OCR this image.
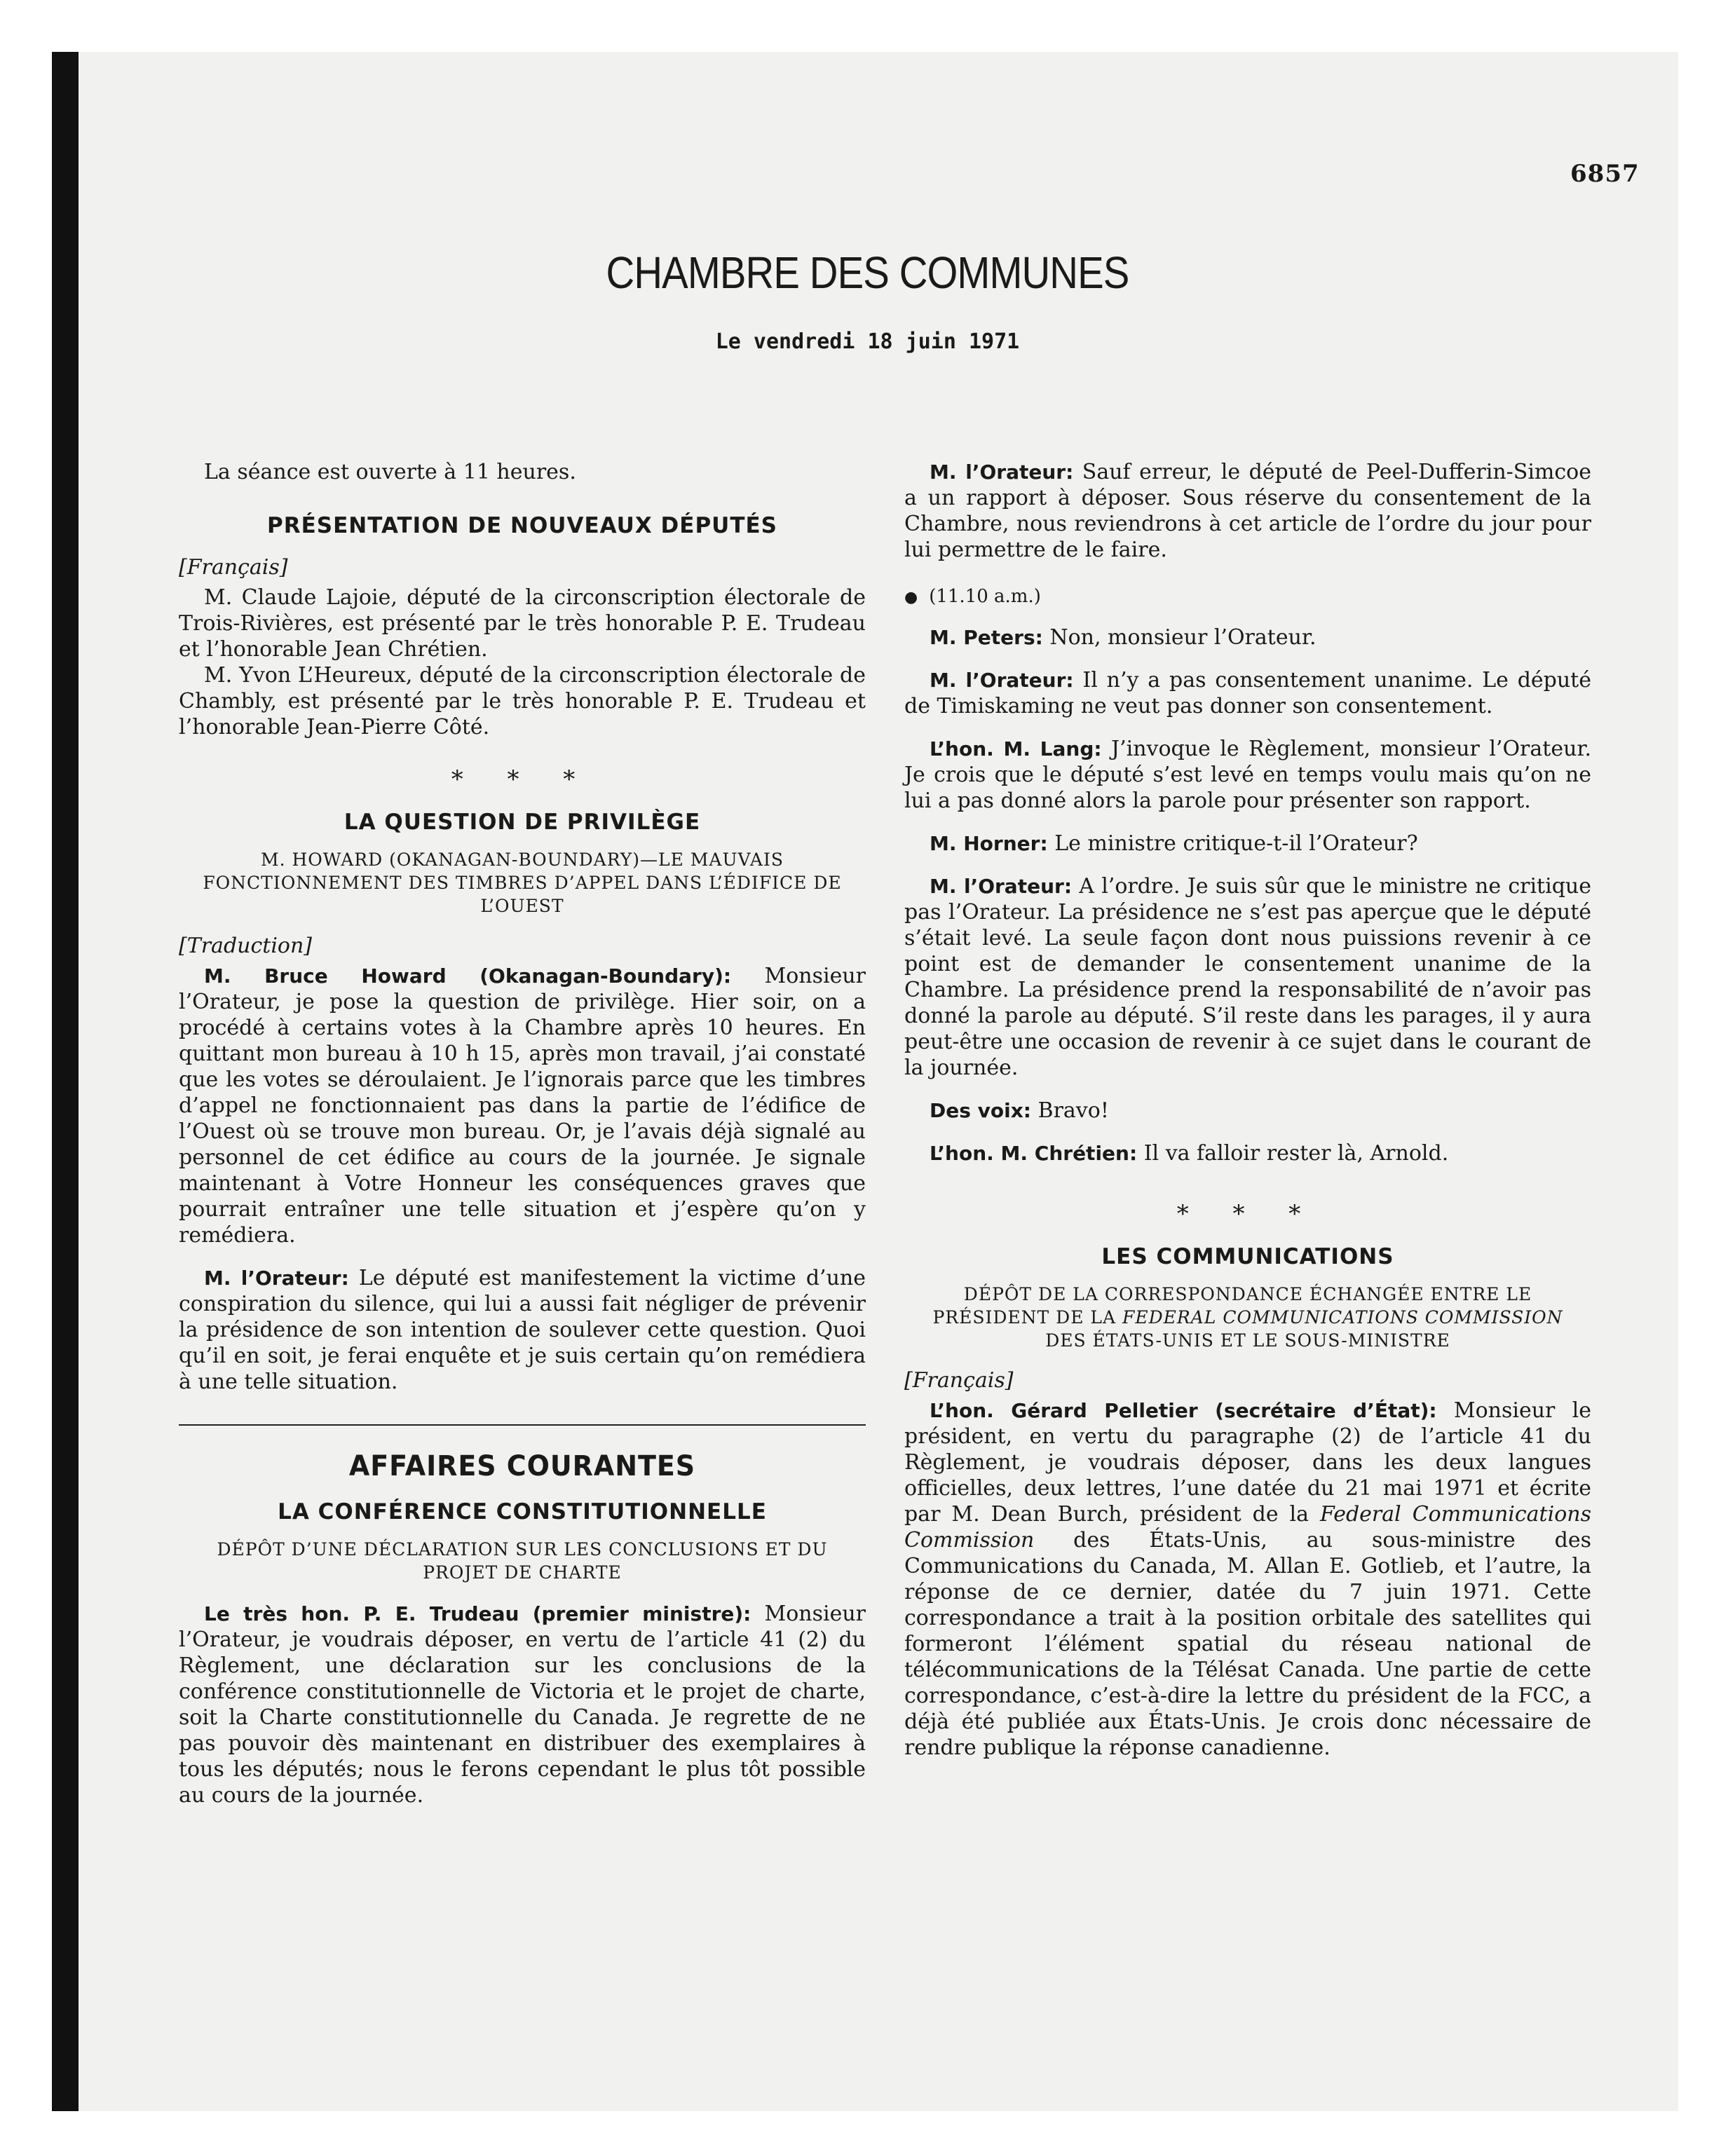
6857
CHAMBRE DES COMMUNES
Le vendredi 18 juin 1971

La séance est ouverte à 11 heures.

PRÉSENTATION DE NOUVEAUX DÉPUTÉS
[Français]

M. Claude Lajoie, député de la circonscription électorale de Trois-Rivières, est présenté par le très honorable P. E. Trudeau et l’honorable Jean Chrétien.

M. Yvon L’Heureux, député de la circonscription électorale de Chambly, est présenté par le très honorable P. E. Trudeau et l’honorable Jean-Pierre Côté.

* * *
LA QUESTION DE PRIVILÈGE
M. HOWARD (OKANAGAN-BOUNDARY)—LE MAUVAIS FONCTIONNEMENT DES TIMBRES D’APPEL DANS L’ÉDIFICE DE L’OUEST
[Traduction]

M. Bruce Howard (Okanagan-Boundary): Monsieur l’Orateur, je pose la question de privilège. Hier soir, on a procédé à certains votes à la Chambre après 10 heures. En quittant mon bureau à 10 h 15, après mon travail, j’ai constaté que les votes se déroulaient. Je l’ignorais parce que les timbres d’appel ne fonctionnaient pas dans la partie de l’édifice de l’Ouest où se trouve mon bureau. Or, je l’avais déjà signalé au personnel de cet édifice au cours de la journée. Je signale maintenant à Votre Honneur les conséquences graves que pourrait entraîner une telle situation et j’espère qu’on y remédiera.

M. l’Orateur: Le député est manifestement la victime d’une conspiration du silence, qui lui a aussi fait négliger de prévenir la présidence de son intention de soulever cette question. Quoi qu’il en soit, je ferai enquête et je suis certain qu’on remédiera à une telle situation.

AFFAIRES COURANTES
LA CONFÉRENCE CONSTITUTIONNELLE
DÉPÔT D’UNE DÉCLARATION SUR LES CONCLUSIONS ET DU PROJET DE CHARTE

Le très hon. P. E. Trudeau (premier ministre): Monsieur l’Orateur, je voudrais déposer, en vertu de l’article 41 (2) du Règlement, une déclaration sur les conclusions de la conférence constitutionnelle de Victoria et le projet de charte, soit la Charte constitutionnelle du Canada. Je regrette de ne pas pouvoir dès maintenant en distribuer des exemplaires à tous les députés; nous le ferons cependant le plus tôt possible au cours de la journée.

M. l’Orateur: Sauf erreur, le député de Peel-Dufferin-Simcoe a un rapport à déposer. Sous réserve du consentement de la Chambre, nous reviendrons à cet article de l’ordre du jour pour lui permettre de le faire.

● (11.10 a.m.)

M. Peters: Non, monsieur l’Orateur.

M. l’Orateur: Il n’y a pas consentement unanime. Le député de Timiskaming ne veut pas donner son consentement.

L’hon. M. Lang: J’invoque le Règlement, monsieur l’Orateur. Je crois que le député s’est levé en temps voulu mais qu’on ne lui a pas donné alors la parole pour présenter son rapport.

M. Horner: Le ministre critique-t-il l’Orateur?

M. l’Orateur: A l’ordre. Je suis sûr que le ministre ne critique pas l’Orateur. La présidence ne s’est pas aperçue que le député s’était levé. La seule façon dont nous puissions revenir à ce point est de demander le consentement unanime de la Chambre. La présidence prend la responsabilité de n’avoir pas donné la parole au député. S’il reste dans les parages, il y aura peut-être une occasion de revenir à ce sujet dans le courant de la journée.

Des voix: Bravo!

L’hon. M. Chrétien: Il va falloir rester là, Arnold.

* * *
LES COMMUNICATIONS
DÉPÔT DE LA CORRESPONDANCE ÉCHANGÉE ENTRE LE PRÉSIDENT DE LA FEDERAL COMMUNICATIONS COMMISSION DES ÉTATS-UNIS ET LE SOUS-MINISTRE
[Français]

L’hon. Gérard Pelletier (secrétaire d’État): Monsieur le président, en vertu du paragraphe (2) de l’article 41 du Règlement, je voudrais déposer, dans les deux langues officielles, deux lettres, l’une datée du 21 mai 1971 et écrite par M. Dean Burch, président de la Federal Communications Commission des États-Unis, au sous-ministre des Communications du Canada, M. Allan E. Gotlieb, et l’autre, la réponse de ce dernier, datée du 7 juin 1971. Cette correspondance a trait à la position orbitale des satellites qui formeront l’élément spatial du réseau national de télécommunications de la Télésat Canada. Une partie de cette correspondance, c’est-à-dire la lettre du président de la FCC, a déjà été publiée aux États-Unis. Je crois donc nécessaire de rendre publique la réponse canadienne.
